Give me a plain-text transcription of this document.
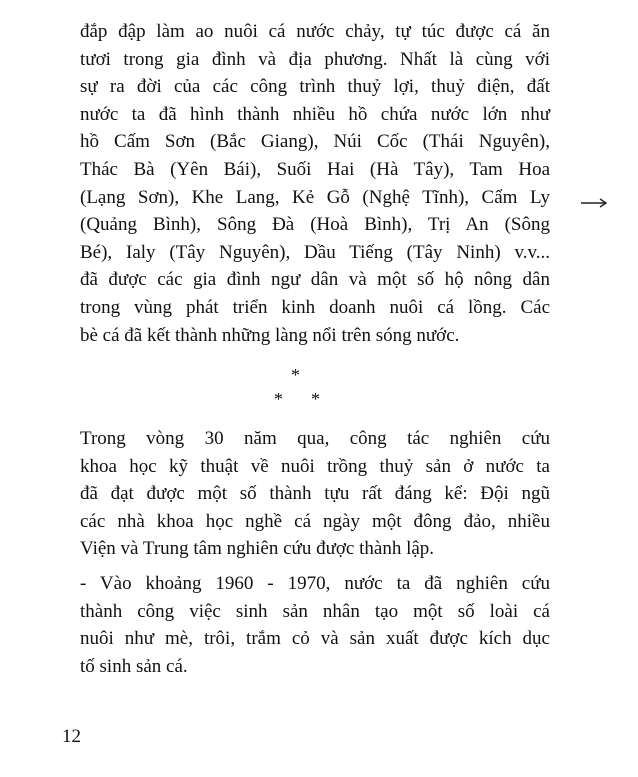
đắp đập làm ao nuôi cá nước chảy, tự túc được cá ăn
tươi trong gia đình và địa phương. Nhất là cùng với
sự ra đời của các công trình thuỷ lợi, thuỷ điện, đất
nước ta đã hình thành nhiều hồ chứa nước lớn như
hồ Cấm Sơn (Bắc Giang), Núi Cốc (Thái Nguyên),
Thác Bà (Yên Bái), Suối Hai (Hà Tây), Tam Hoa
(Lạng Sơn), Khe Lang, Kẻ Gỗ (Nghệ Tĩnh), Cẩm Ly
(Quảng Bình), Sông Đà (Hoà Bình), Trị An (Sông
Bé), Ialy (Tây Nguyên), Dầu Tiếng (Tây Ninh) v.v...
đã được các gia đình ngư dân và một số hộ nông dân
trong vùng phát triển kinh doanh nuôi cá lồng. Các
bè cá đã kết thành những làng nổi trên sóng nước.
*
* *
Trong vòng 30 năm qua, công tác nghiên cứu
khoa học kỹ thuật về nuôi trồng thuỷ sản ở nước ta
đã đạt được một số thành tựu rất đáng kể: Đội ngũ
các nhà khoa học nghề cá ngày một đông đảo, nhiều
Viện và Trung tâm nghiên cứu được thành lập.
- Vào khoảng 1960 - 1970, nước ta đã nghiên cứu
thành công việc sinh sản nhân tạo một số loài cá
nuôi như mè, trôi, trắm cỏ và sản xuất được kích dục
tố sinh sản cá.
12
